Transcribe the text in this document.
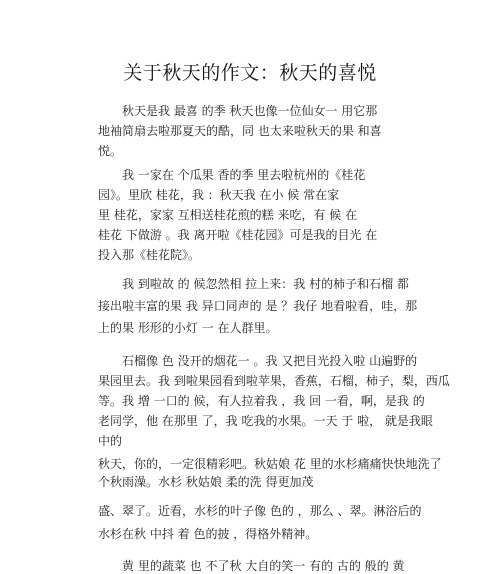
关于秋天的作文：秋天的喜悦
　　秋天是我 最喜 的季 秋天也像一位仙女一 用它那
地袖简扇去啦那夏天的酷，同 也太来啦秋天的果 和喜
悦。
　　我 一家在 个瓜果 香的季 里去啦杭州的《桂花
园》。里欣 桂花，我 ：秋天我 在小 候 常在家
里 桂花，家家 互相送桂花煎的糕 来吃，有 候 在
桂花 下做游 。我 离开啦《桂花园》可是我的目光 在
投入那《桂花院》。
　　我 到啦故 的 候忽然相 拉上来：我 村的柿子和石榴 都
接出啦丰富的果 我 异口同声的 是 ？我仔 地看啦看，哇，那
上的果 形形的小灯 一 在人群里。
　　石榴像 色 没开的烟花一 。我 又把目光投入啦 山遍野的
果园里去。我 到啦果园看到啦苹果，香蕉，石榴，柿子，梨，西瓜
等。我 增 一口的 候，有人拉着我 ，我 回 一看，啊，是我 的
老同学，他 在那里 了，我 吃我的水果。一天 于 啦， 就是我眼
中的
秋天，你的，一定很精彩吧。秋姑娘 花 里的水杉痛痛快快地洗了
个秋雨澡。水杉 秋姑娘 柔的洗 得更加茂
盛、翠了。近看，水杉的叶子像 色的 ，那么 、翠。淋浴后的
水杉在秋 中抖 着 色的披 ，得格外精神。
　　黄 里的蔬菜 也 不了秋 大自的笑一 有的 古的 般的 黄
